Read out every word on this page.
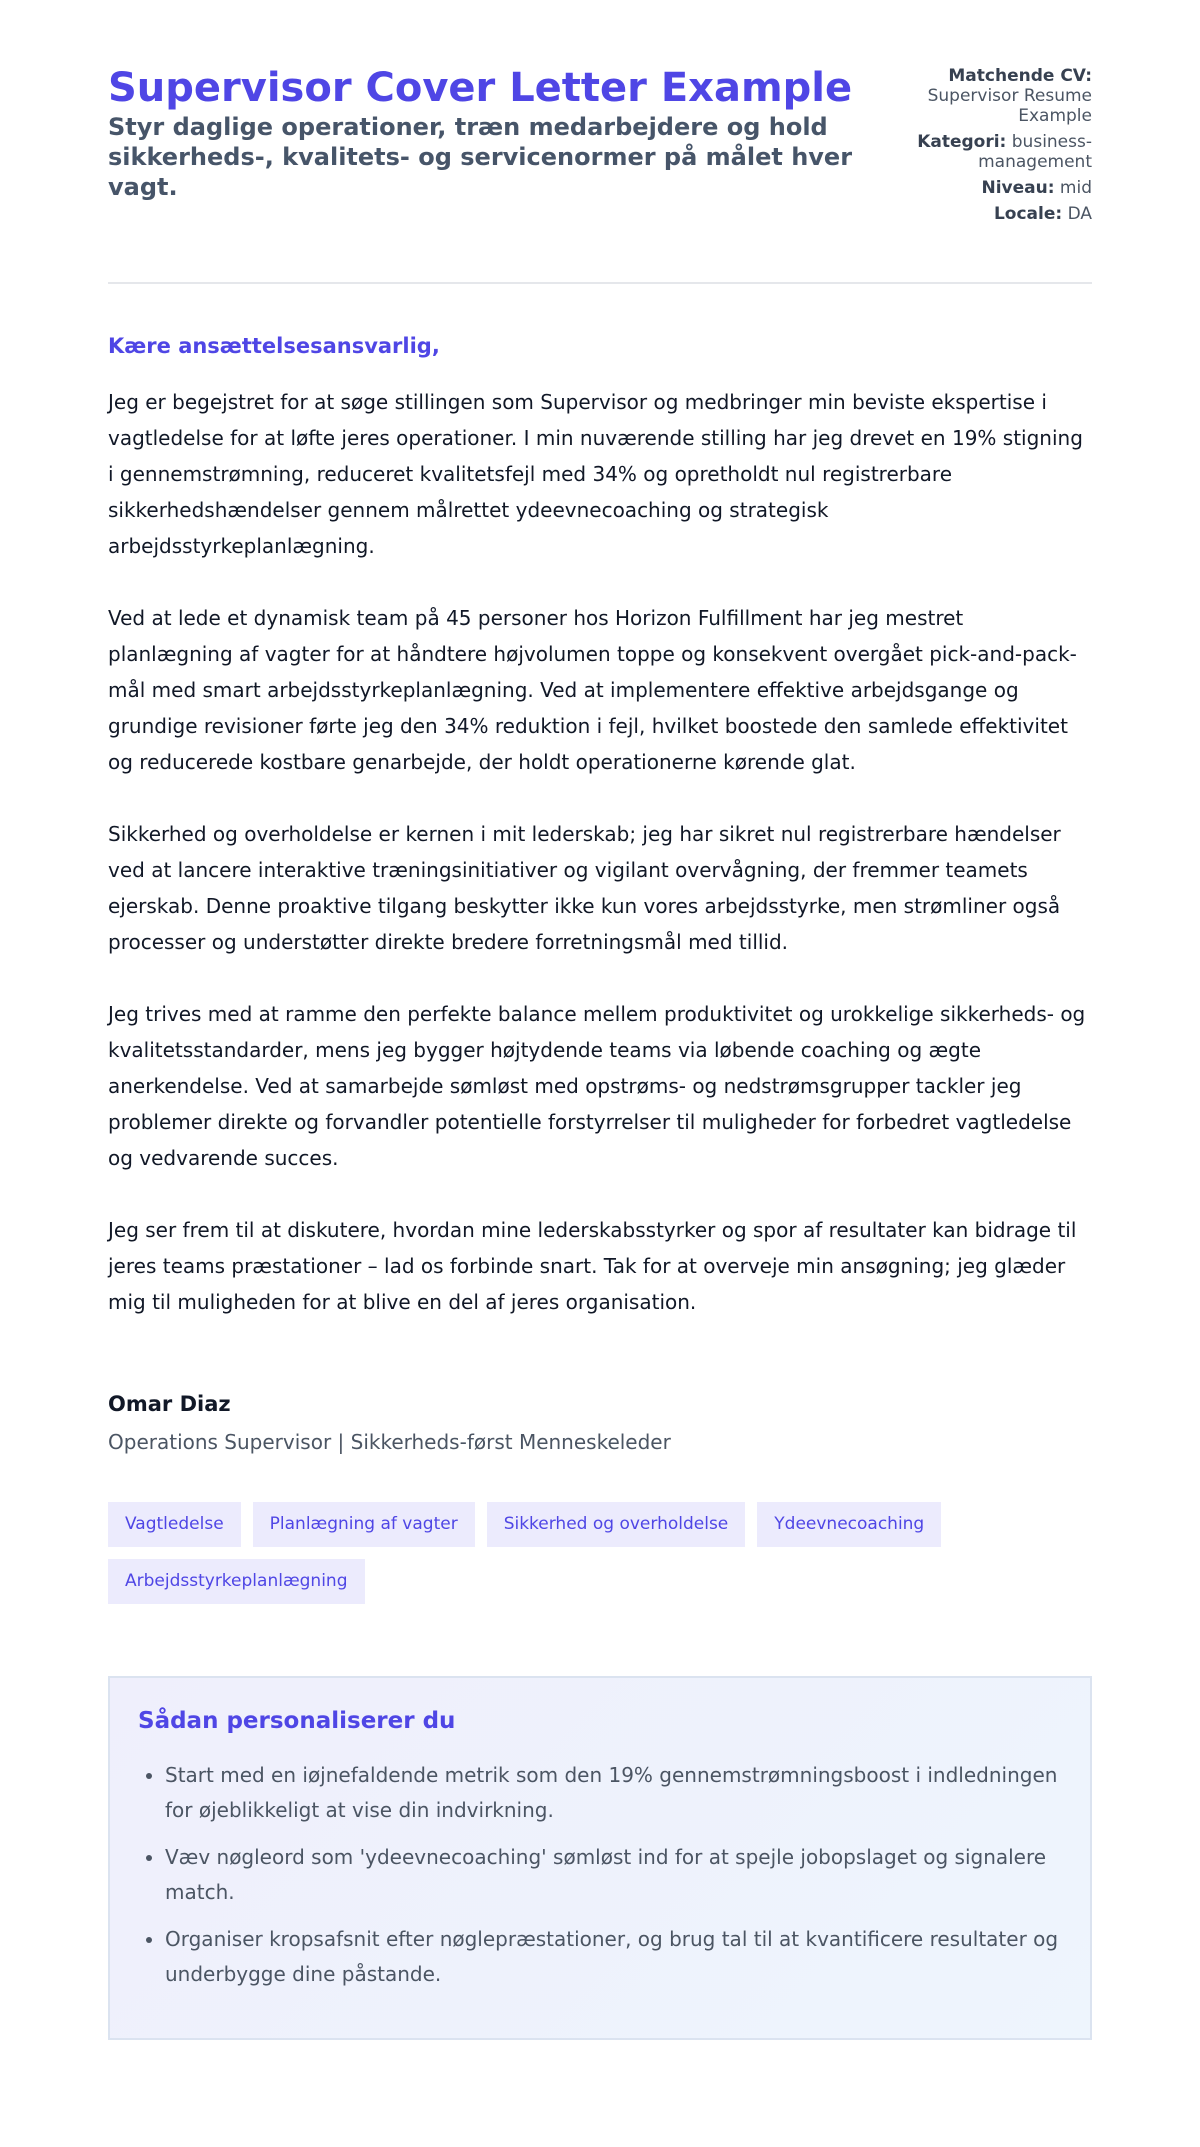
Supervisor Cover Letter Example
Styr daglige operationer, træn medarbejdere og hold sikkerheds-, kvalitets- og servicenormer på målet hver vagt.
Matchende CV:
Supervisor Resume Example
Kategori: business-management
Niveau: mid
Locale: DA
Kære ansættelsesansvarlig,

Jeg er begejstret for at søge stillingen som Supervisor og medbringer min beviste ekspertise i vagtledelse for at løfte jeres operationer. I min nuværende stilling har jeg drevet en 19% stigning i gennemstrømning, reduceret kvalitetsfejl med 34% og opretholdt nul registrerbare sikkerhedshændelser gennem målrettet ydeevnecoaching og strategisk arbejdsstyrkeplanlægning.

Ved at lede et dynamisk team på 45 personer hos Horizon Fulfillment har jeg mestret planlægning af vagter for at håndtere højvolumen toppe og konsekvent overgået pick-and-pack-mål med smart arbejdsstyrkeplanlægning. Ved at implementere effektive arbejdsgange og grundige revisioner førte jeg den 34% reduktion i fejl, hvilket boostede den samlede effektivitet og reducerede kostbare genarbejde, der holdt operationerne kørende glat.

Sikkerhed og overholdelse er kernen i mit lederskab; jeg har sikret nul registrerbare hændelser ved at lancere interaktive træningsinitiativer og vigilant overvågning, der fremmer teamets ejerskab. Denne proaktive tilgang beskytter ikke kun vores arbejdsstyrke, men strømliner også processer og understøtter direkte bredere forretningsmål med tillid.

Jeg trives med at ramme den perfekte balance mellem produktivitet og urokkelige sikkerheds- og kvalitetsstandarder, mens jeg bygger højtydende teams via løbende coaching og ægte anerkendelse. Ved at samarbejde sømløst med opstrøms- og nedstrømsgrupper tackler jeg problemer direkte og forvandler potentielle forstyrrelser til muligheder for forbedret vagtledelse og vedvarende succes.

Jeg ser frem til at diskutere, hvordan mine lederskabsstyrker og spor af resultater kan bidrage til jeres teams præstationer – lad os forbinde snart. Tak for at overveje min ansøgning; jeg glæder mig til muligheden for at blive en del af jeres organisation.

Omar Diaz
Operations Supervisor | Sikkerheds-først Menneskeleder
Vagtledelse	Planlægning af vagter	Sikkerhed og overholdelse	Ydeevnecoaching
Arbejdsstyrkeplanlægning
Sådan personaliserer du
• Start med en iøjnefaldende metrik som den 19% gennemstrømningsboost i indledningen for øjeblikkeligt at vise din indvirkning.
• Væv nøgleord som 'ydeevnecoaching' sømløst ind for at spejle jobopslaget og signalere match.
• Organiser kropsafsnit efter nøglepræstationer, og brug tal til at kvantificere resultater og underbygge dine påstande.
